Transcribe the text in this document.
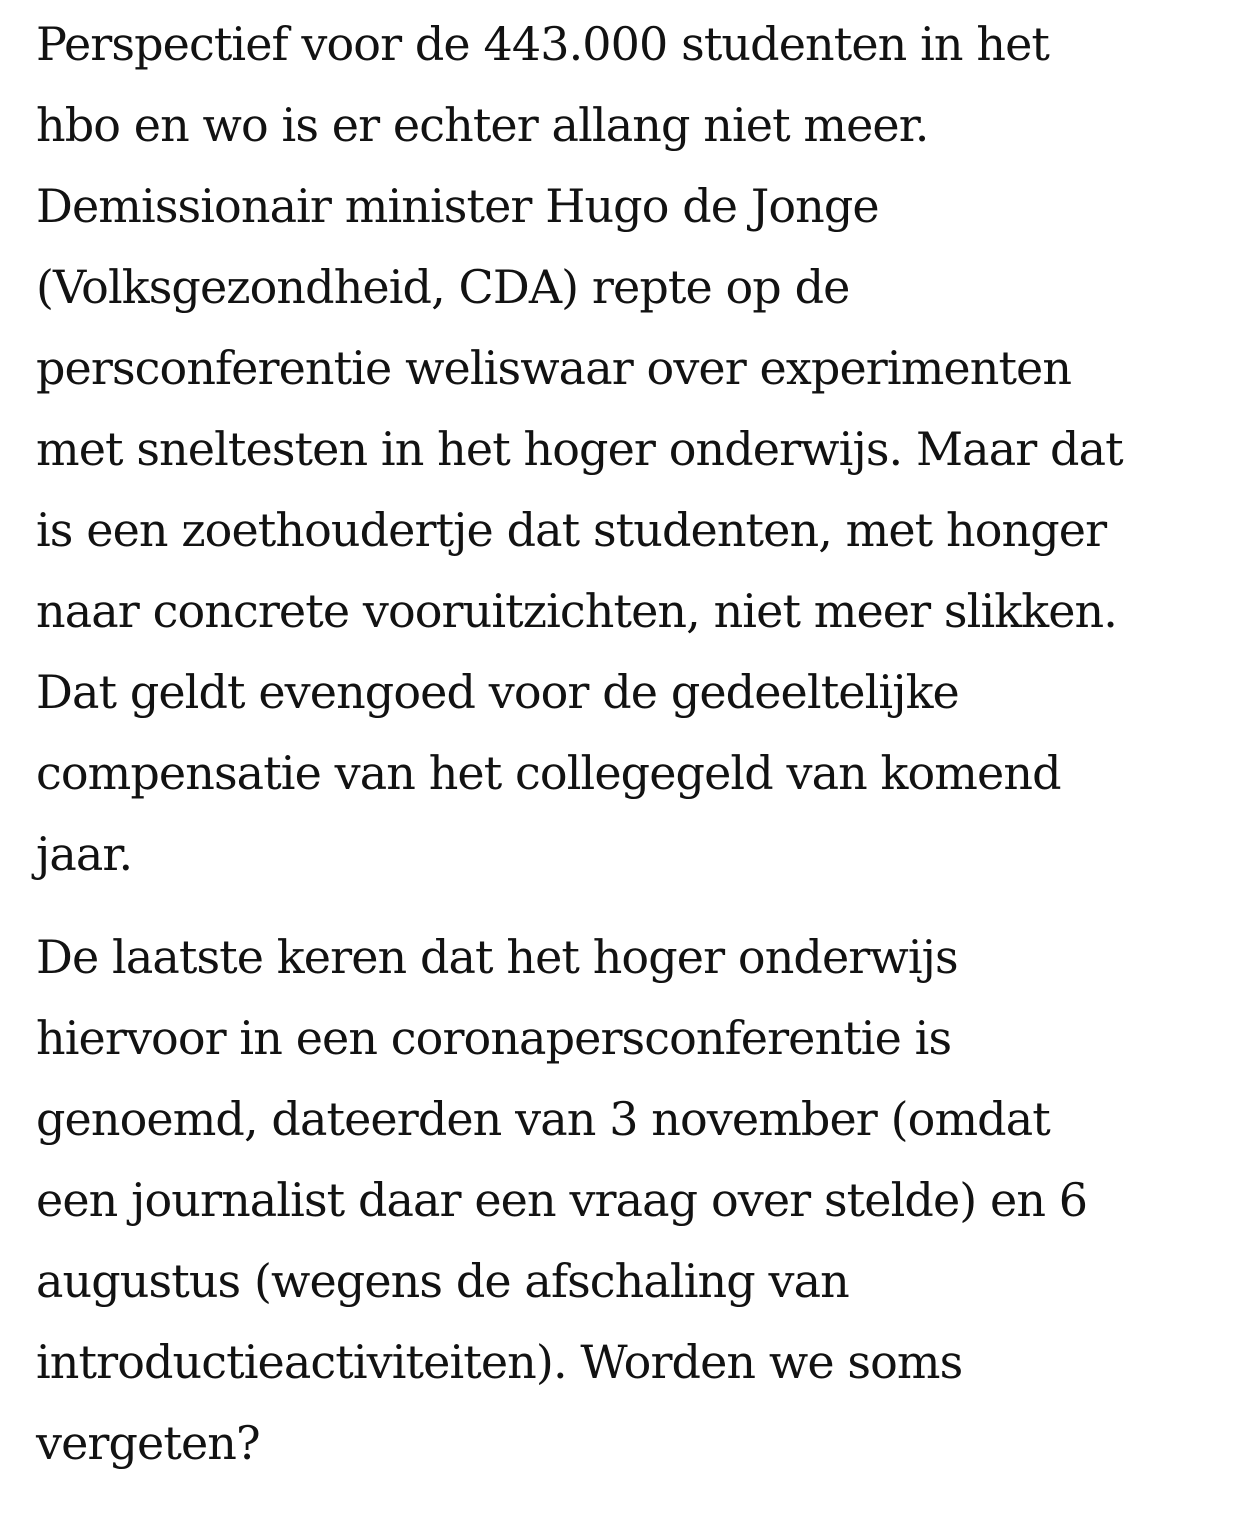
Perspectief voor de 443.000 studenten in het
hbo en wo is er echter allang niet meer.
Demissionair minister Hugo de Jonge
(Volksgezondheid, CDA) repte op de
persconferentie weliswaar over experimenten
met sneltesten in het hoger onderwijs. Maar dat
is een zoethoudertje dat studenten, met honger
naar concrete vooruitzichten, niet meer slikken.
Dat geldt evengoed voor de gedeeltelijke
compensatie van het collegegeld van komend
jaar.

De laatste keren dat het hoger onderwijs
hiervoor in een coronapersconferentie is
genoemd, dateerden van 3 november (omdat
een journalist daar een vraag over stelde) en 6
augustus (wegens de afschaling van
introductieactiviteiten). Worden we soms
vergeten?
